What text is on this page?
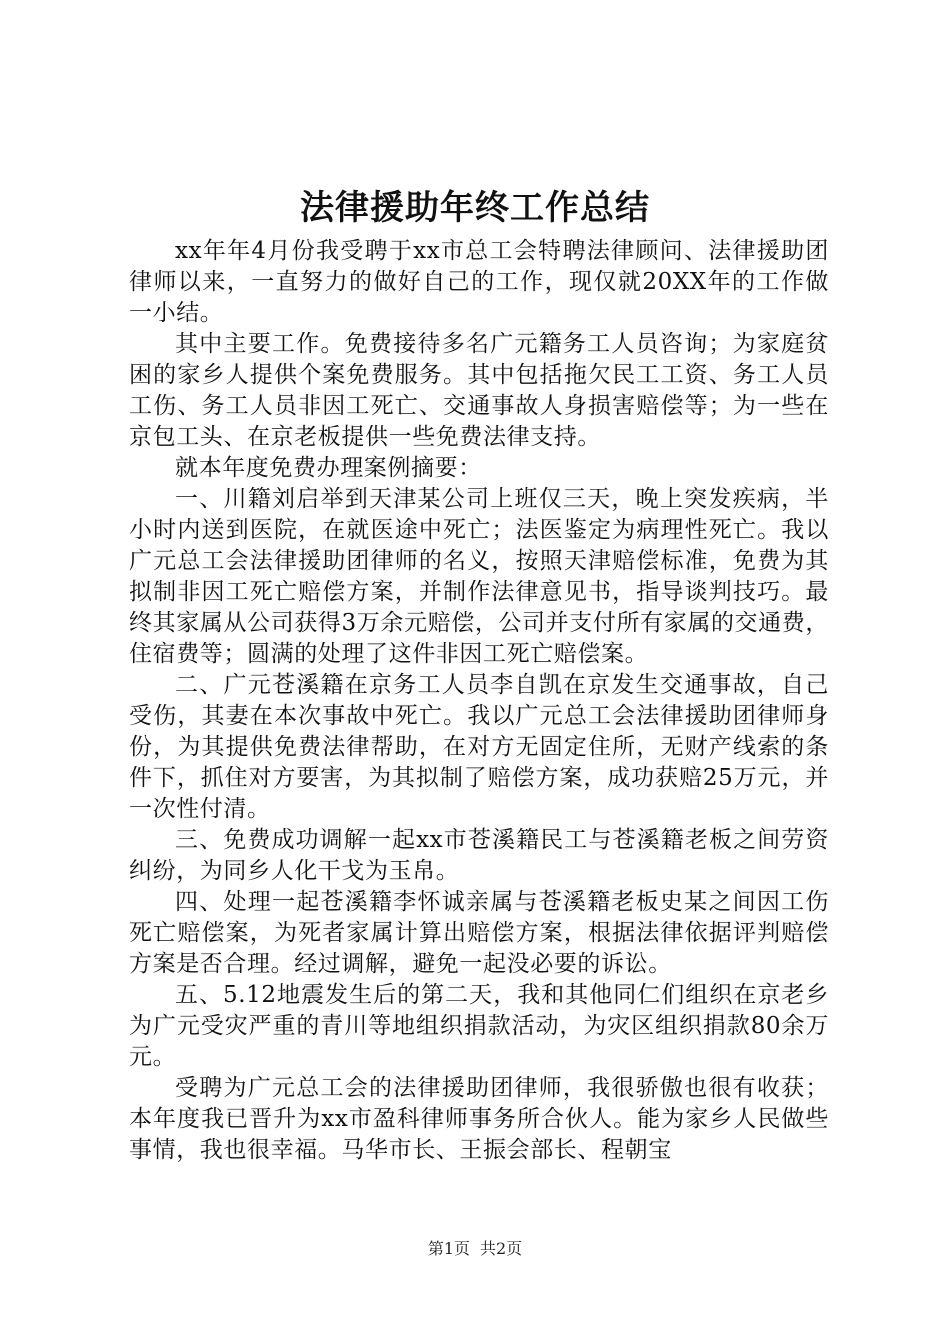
法律援助年终工作总结

xx年年4月份我受聘于xx市总工会特聘法律顾问、法律援助团律师以来，一直努力的做好自己的工作，现仅就20XX年的工作做一小结。

其中主要工作。免费接待多名广元籍务工人员咨询；为家庭贫困的家乡人提供个案免费服务。其中包括拖欠民工工资、务工人员工伤、务工人员非因工死亡、交通事故人身损害赔偿等；为一些在京包工头、在京老板提供一些免费法律支持。

就本年度免费办理案例摘要：

一、川籍刘启举到天津某公司上班仅三天，晚上突发疾病，半小时内送到医院，在就医途中死亡；法医鉴定为病理性死亡。我以广元总工会法律援助团律师的名义，按照天津赔偿标准，免费为其拟制非因工死亡赔偿方案，并制作法律意见书，指导谈判技巧。最终其家属从公司获得3万余元赔偿，公司并支付所有家属的交通费，住宿费等；圆满的处理了这件非因工死亡赔偿案。

二、广元苍溪籍在京务工人员李自凯在京发生交通事故，自己受伤，其妻在本次事故中死亡。我以广元总工会法律援助团律师身份，为其提供免费法律帮助，在对方无固定住所，无财产线索的条件下，抓住对方要害，为其拟制了赔偿方案，成功获赔25万元，并一次性付清。

三、免费成功调解一起xx市苍溪籍民工与苍溪籍老板之间劳资纠纷，为同乡人化干戈为玉帛。

四、处理一起苍溪籍李怀诚亲属与苍溪籍老板史某之间因工伤死亡赔偿案，为死者家属计算出赔偿方案，根据法律依据评判赔偿方案是否合理。经过调解，避免一起没必要的诉讼。

五、5.12地震发生后的第二天，我和其他同仁们组织在京老乡为广元受灾严重的青川等地组织捐款活动，为灾区组织捐款80余万元。

受聘为广元总工会的法律援助团律师，我很骄傲也很有收获；本年度我已晋升为xx市盈科律师事务所合伙人。能为家乡人民做些事情，我也很幸福。马华市长、王振会部长、程朝宝

第1页 共2页
